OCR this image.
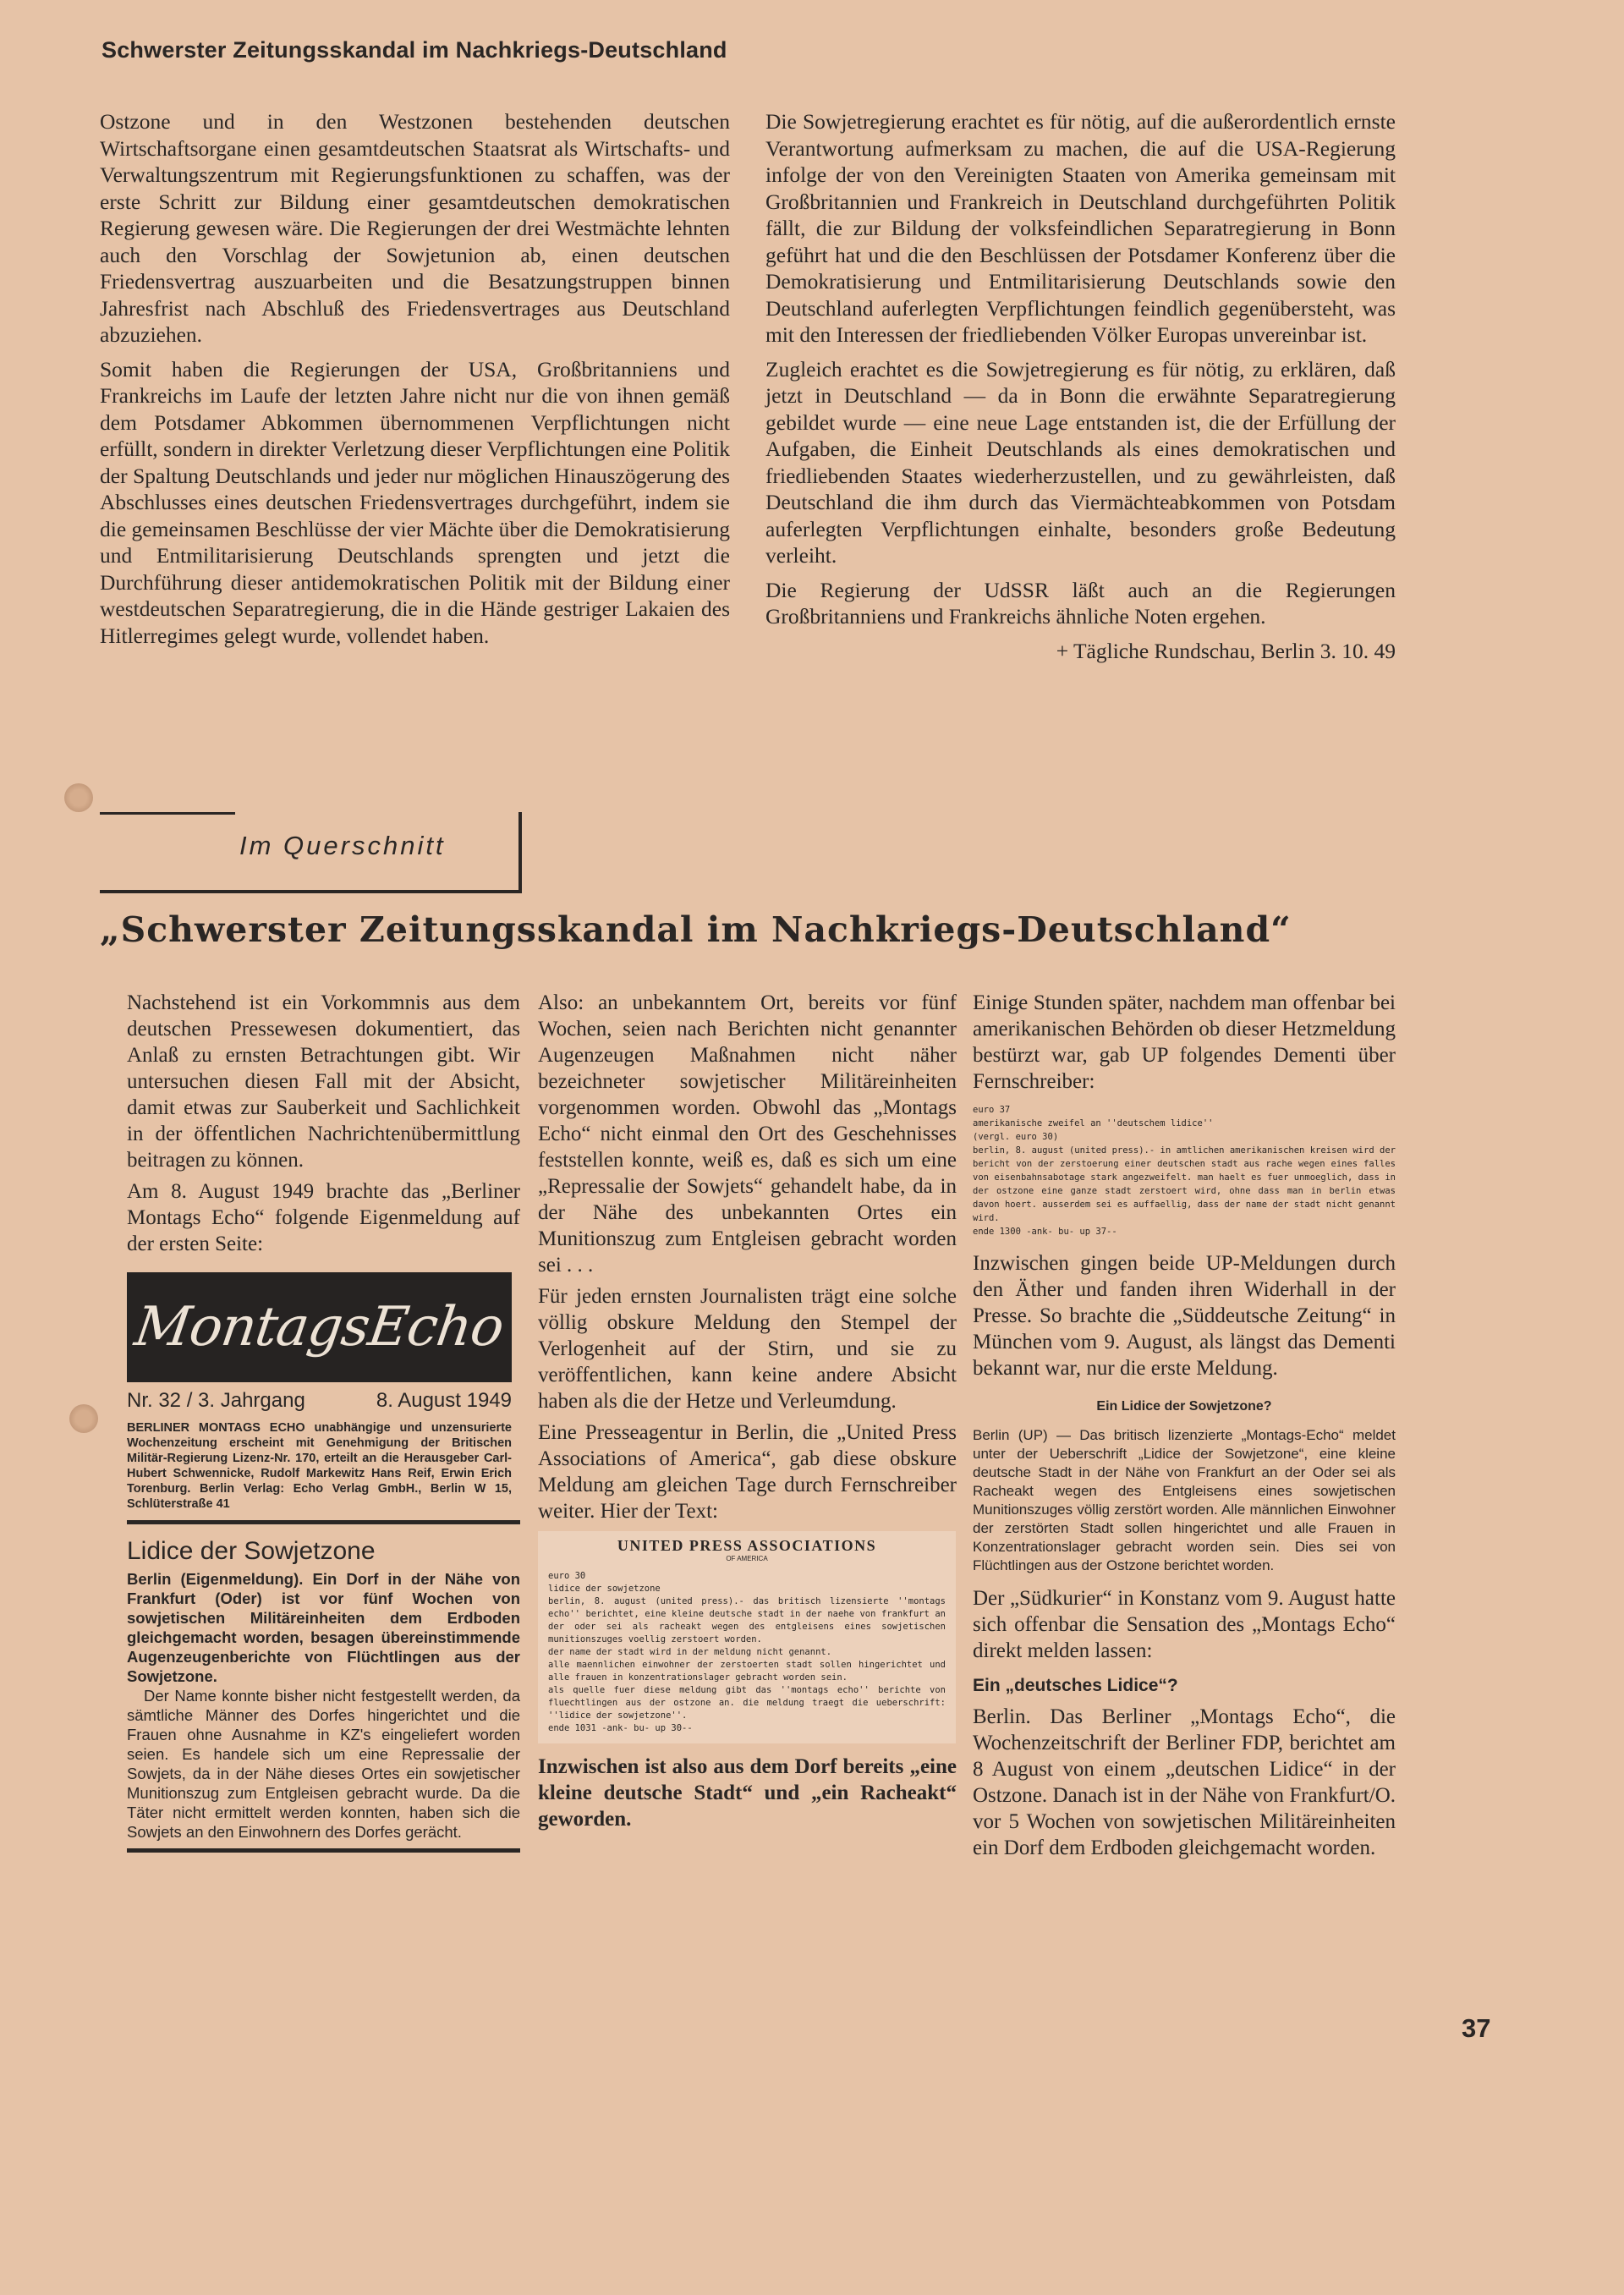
Schwerster Zeitungsskandal im Nachkriegs-Deutschland

Ostzone und in den Westzonen bestehenden deutschen Wirtschaftsorgane einen gesamtdeutschen Staatsrat als Wirtschafts- und Verwaltungszentrum mit Regierungsfunktionen zu schaffen, was der erste Schritt zur Bildung einer gesamtdeutschen demokratischen Regierung gewesen wäre. Die Regierungen der drei Westmächte lehnten auch den Vorschlag der Sowjetunion ab, einen deutschen Friedensvertrag auszuarbeiten und die Besatzungstruppen binnen Jahresfrist nach Abschluß des Friedensvertrages aus Deutschland abzuziehen.

Somit haben die Regierungen der USA, Großbritanniens und Frankreichs im Laufe der letzten Jahre nicht nur die von ihnen gemäß dem Potsdamer Abkommen übernommenen Verpflichtungen nicht erfüllt, sondern in direkter Verletzung dieser Verpflichtungen eine Politik der Spaltung Deutschlands und jeder nur möglichen Hinauszögerung des Abschlusses eines deutschen Friedensvertrages durchgeführt, indem sie die gemeinsamen Beschlüsse der vier Mächte über die Demokratisierung und Entmilitarisierung Deutschlands sprengten und jetzt die Durchführung dieser antidemokratischen Politik mit der Bildung einer westdeutschen Separatregierung, die in die Hände gestriger Lakaien des Hitlerregimes gelegt wurde, vollendet haben.

Die Sowjetregierung erachtet es für nötig, auf die außerordentlich ernste Verantwortung aufmerksam zu machen, die auf die USA-Regierung infolge der von den Vereinigten Staaten von Amerika gemeinsam mit Großbritannien und Frankreich in Deutschland durchgeführten Politik fällt, die zur Bildung der volksfeindlichen Separatregierung in Bonn geführt hat und die den Beschlüssen der Potsdamer Konferenz über die Demokratisierung und Entmilitarisierung Deutschlands sowie den Deutschland auferlegten Verpflichtungen feindlich gegenübersteht, was mit den Interessen der friedliebenden Völker Europas unvereinbar ist.

Zugleich erachtet es die Sowjetregierung es für nötig, zu erklären, daß jetzt in Deutschland — da in Bonn die erwähnte Separatregierung gebildet wurde — eine neue Lage entstanden ist, die der Erfüllung der Aufgaben, die Einheit Deutschlands als eines demokratischen und friedliebenden Staates wiederherzustellen, und zu gewährleisten, daß Deutschland die ihm durch das Viermächteabkommen von Potsdam auferlegten Verpflichtungen einhalte, besonders große Bedeutung verleiht.

Die Regierung der UdSSR läßt auch an die Regierungen Großbritanniens und Frankreichs ähnliche Noten ergehen.

+ Tägliche Rundschau, Berlin 3. 10. 49
Im Querschnitt
„Schwerster Zeitungsskandal im Nachkriegs-Deutschland“

Nachstehend ist ein Vorkommnis aus dem deutschen Pressewesen dokumentiert, das Anlaß zu ernsten Betrachtungen gibt. Wir untersuchen diesen Fall mit der Absicht, damit etwas zur Sauberkeit und Sachlichkeit in der öffentlichen Nachrichtenübermittlung beitragen zu können.

Am 8. August 1949 brachte das „Berliner Montags Echo“ folgende Eigenmeldung auf der ersten Seite:

MontagsEcho
Nr. 32 / 3. Jahrgang	8. August 1949
BERLINER MONTAGS ECHO unabhängige und unzensurierte Wochenzeitung erscheint mit Genehmigung der Britischen Militär-Regierung Lizenz-Nr. 170, erteilt an die Herausgeber Carl-Hubert Schwennicke, Rudolf Markewitz Hans Reif, Erwin Erich Torenburg. Berlin Verlag: Echo Verlag GmbH., Berlin W 15, Schlüterstraße 41
Lidice der Sowjetzone

Berlin (Eigenmeldung). Ein Dorf in der Nähe von Frankfurt (Oder) ist vor fünf Wochen von sowjetischen Militäreinheiten dem Erdboden gleichgemacht worden, besagen übereinstimmende Augenzeugenberichte von Flüchtlingen aus der Sowjetzone.

Der Name konnte bisher nicht festgestellt werden, da sämtliche Männer des Dorfes hingerichtet und die Frauen ohne Ausnahme in KZ's eingeliefert worden seien. Es handele sich um eine Repressalie der Sowjets, da in der Nähe dieses Ortes ein sowjetischer Munitionszug zum Entgleisen gebracht wurde. Da die Täter nicht ermittelt werden konnten, haben sich die Sowjets an den Einwohnern des Dorfes gerächt.

Also: an unbekanntem Ort, bereits vor fünf Wochen, seien nach Berichten nicht genannter Augenzeugen Maßnahmen nicht näher bezeichneter sowjetischer Militäreinheiten vorgenommen worden. Obwohl das „Montags Echo“ nicht einmal den Ort des Geschehnisses feststellen konnte, weiß es, daß es sich um eine „Repressalie der Sowjets“ gehandelt habe, da in der Nähe des unbekannten Ortes ein Munitionszug zum Entgleisen gebracht worden sei . . .

Für jeden ernsten Journalisten trägt eine solche völlig obskure Meldung den Stempel der Verlogenheit auf der Stirn, und sie zu veröffentlichen, kann keine andere Absicht haben als die der Hetze und Verleumdung.

Eine Presseagentur in Berlin, die „United Press Associations of America“, gab diese obskure Meldung am gleichen Tage durch Fernschreiber weiter. Hier der Text:

UNITED PRESS ASSOCIATIONS
OF AMERICA

euro 30

lidice der sowjetzone

berlin, 8. august (united press).- das britisch lizensierte ''montags echo'' berichtet, eine kleine deutsche stadt in der naehe von frankfurt an der oder sei als racheakt wegen des entgleisens eines sowjetischen munitionszuges voellig zerstoert worden.

der name der stadt wird in der meldung nicht genannt.

alle maennlichen einwohner der zerstoerten stadt sollen hingerichtet und alle frauen in konzentrationslager gebracht worden sein.

als quelle fuer diese meldung gibt das ''montags echo'' berichte von fluechtlingen aus der ostzone an. die meldung traegt die ueberschrift: ''lidice der sowjetzone''.

ende 1031 -ank- bu- up 30--

Inzwischen ist also aus dem Dorf bereits „eine kleine deutsche Stadt“ und „ein Racheakt“ geworden.

Einige Stunden später, nachdem man offenbar bei amerikanischen Behörden ob dieser Hetzmeldung bestürzt war, gab UP folgendes Dementi über Fernschreiber:

euro 37

amerikanische zweifel an ''deutschem lidice''

(vergl. euro 30)

berlin, 8. august (united press).- in amtlichen amerikanischen kreisen wird der bericht von der zerstoerung einer deutschen stadt aus rache wegen eines falles von eisenbahnsabotage stark angezweifelt. man haelt es fuer unmoeglich, dass in der ostzone eine ganze stadt zerstoert wird, ohne dass man in berlin etwas davon hoert. ausserdem sei es auffaellig, dass der name der stadt nicht genannt wird.

ende 1300 -ank- bu- up 37--

Inzwischen gingen beide UP-Meldungen durch den Äther und fanden ihren Widerhall in der Presse. So brachte die „Süddeutsche Zeitung“ in München vom 9. August, als längst das Dementi bekannt war, nur die erste Meldung.

Ein Lidice der Sowjetzone?

Berlin (UP) — Das britisch lizenzierte „Montags-Echo“ meldet unter der Ueberschrift „Lidice der Sowjetzone“, eine kleine deutsche Stadt in der Nähe von Frankfurt an der Oder sei als Racheakt wegen des Entgleisens eines sowjetischen Munitionszuges völlig zerstört worden. Alle männlichen Einwohner der zerstörten Stadt sollen hingerichtet und alle Frauen in Konzentrationslager gebracht worden sein. Dies sei von Flüchtlingen aus der Ostzone berichtet worden.

Der „Südkurier“ in Konstanz vom 9. August hatte sich offenbar die Sensation des „Montags Echo“ direkt melden lassen:

Ein „deutsches Lidice“?

Berlin. Das Berliner „Montags Echo“, die Wochenzeitschrift der Berliner FDP, berichtet am 8 August von einem „deutschen Lidice“ in der Ostzone. Danach ist in der Nähe von Frankfurt/O. vor 5 Wochen von sowjetischen Militäreinheiten ein Dorf dem Erdboden gleichgemacht worden.

37
